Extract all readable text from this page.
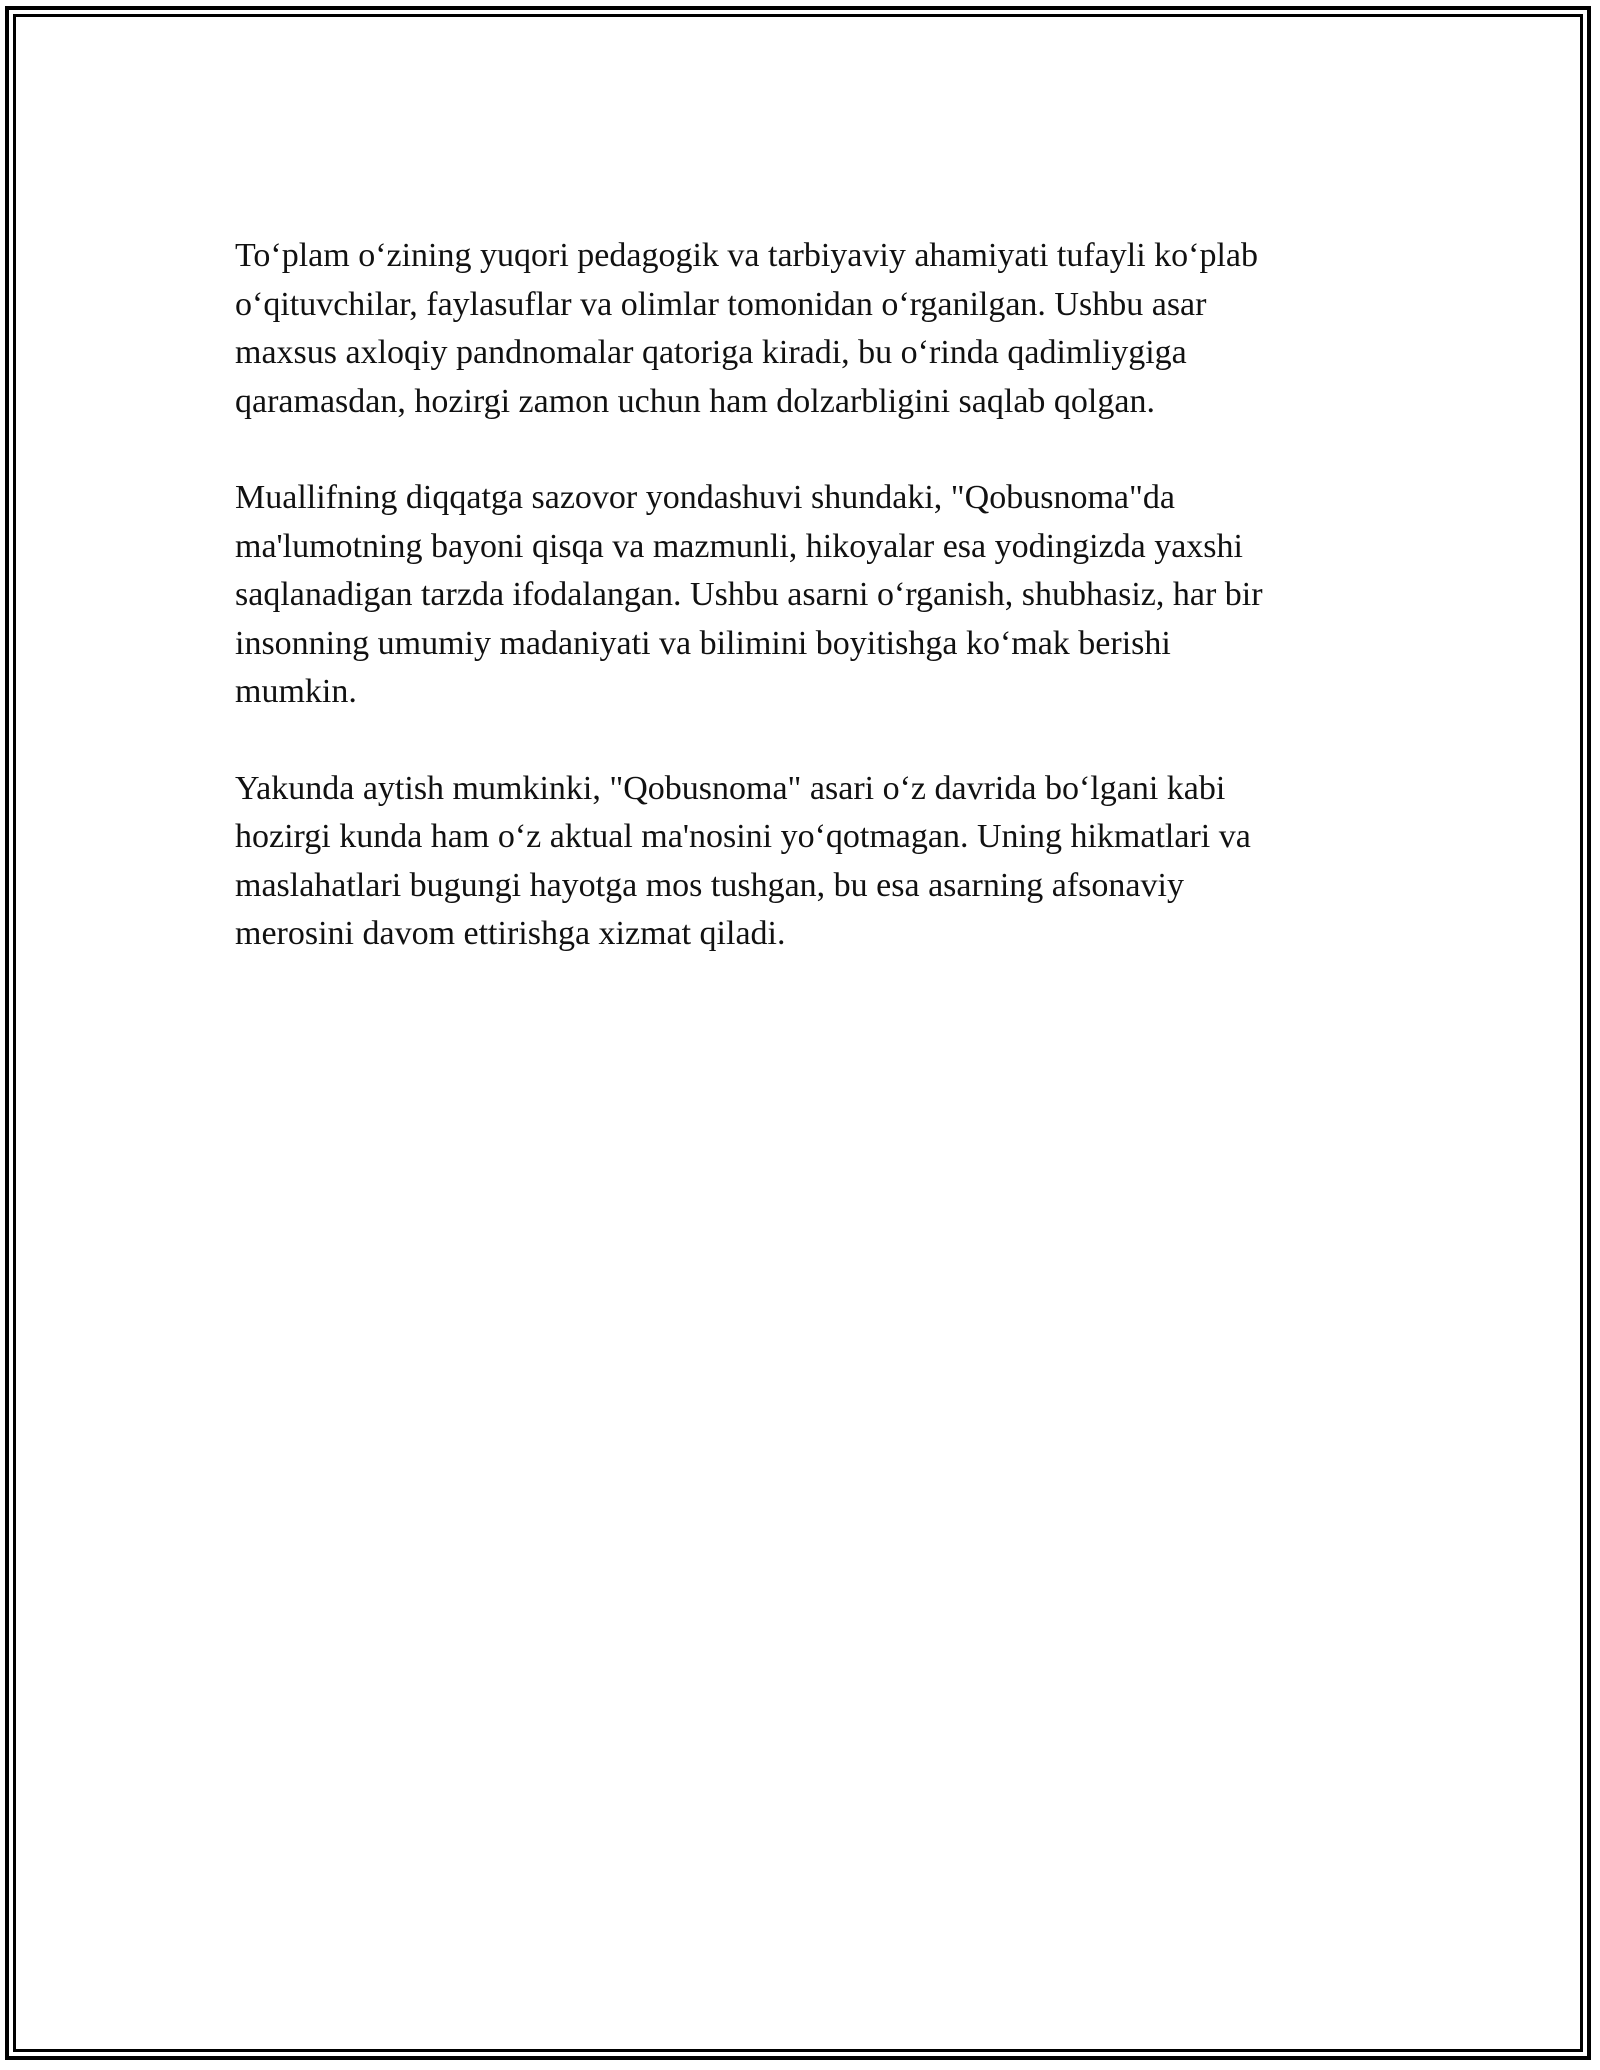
To‘plam o‘zining yuqori pedagogik va tarbiyaviy ahamiyati tufayli ko‘plab
o‘qituvchilar, faylasuflar va olimlar tomonidan o‘rganilgan. Ushbu asar
maxsus axloqiy pandnomalar qatoriga kiradi, bu o‘rinda qadimliygiga
qaramasdan, hozirgi zamon uchun ham dolzarbligini saqlab qolgan.

Muallifning diqqatga sazovor yondashuvi shundaki, "Qobusnoma"da
ma'lumotning bayoni qisqa va mazmunli, hikoyalar esa yodingizda yaxshi
saqlanadigan tarzda ifodalangan. Ushbu asarni o‘rganish, shubhasiz, har bir
insonning umumiy madaniyati va bilimini boyitishga ko‘mak berishi
mumkin.

Yakunda aytish mumkinki, "Qobusnoma" asari o‘z davrida bo‘lgani kabi
hozirgi kunda ham o‘z aktual ma'nosini yo‘qotmagan. Uning hikmatlari va
maslahatlari bugungi hayotga mos tushgan, bu esa asarning afsonaviy
merosini davom ettirishga xizmat qiladi.
